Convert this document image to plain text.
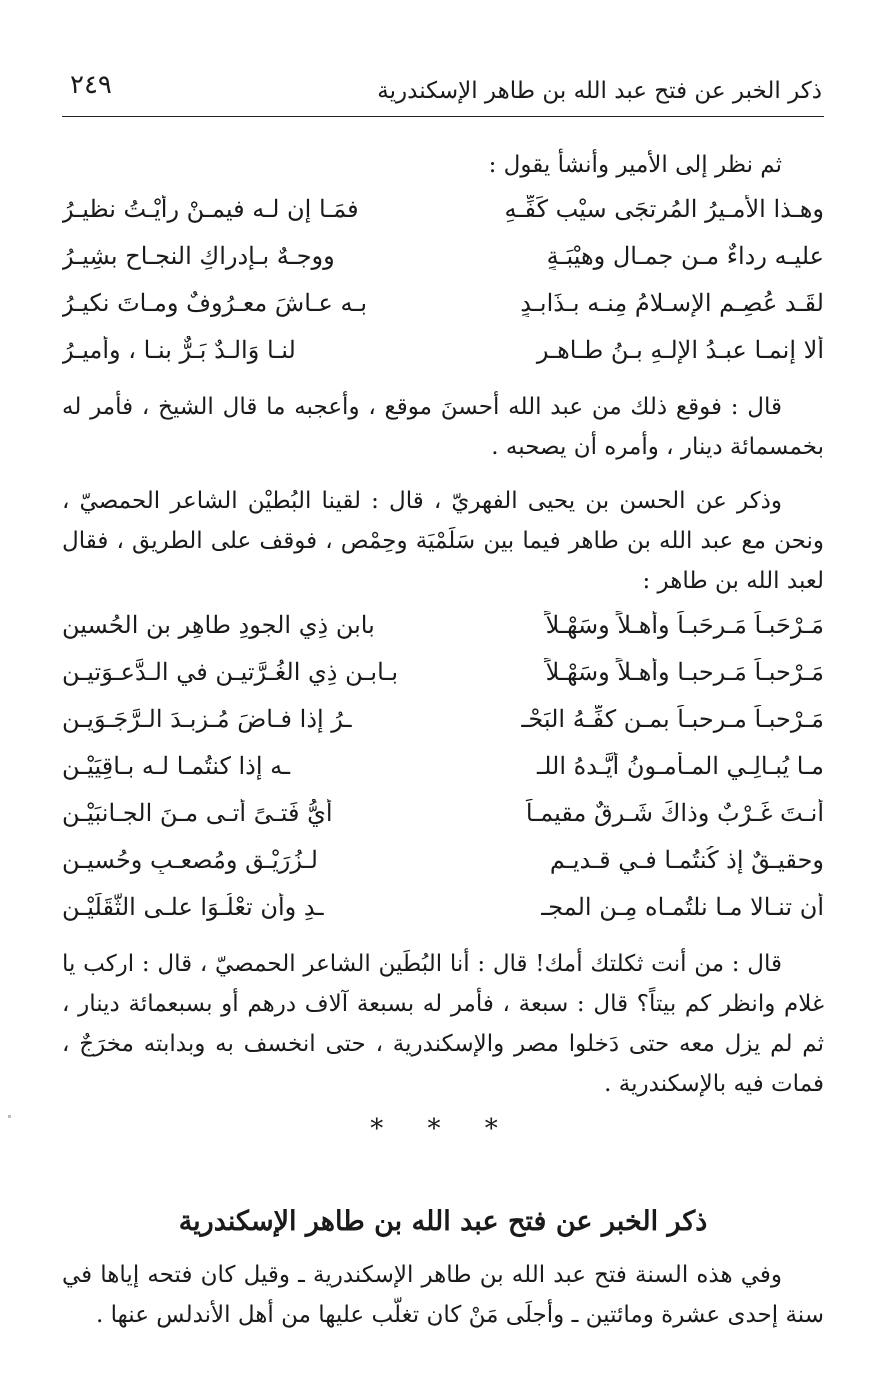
ذكر الخبر عن فتح عبد الله بن طاهر الإسكندرية
٢٤٩

ثم نظر إلى الأمير وأنشأ يقول :

وهـذا الأَمـيرُ المُرتجَى سيْب كَفِّـهِ
فمَـا إن لـه فيمـنْ رأَيْـتُ نظيـرُ
عليـه رِداءٌ مـن جمـالٍ وهيْبَـةٍ
ووجـهٌ بـإدراكِ النجـاحِ بشِيـرُ
لقَـد عُصِـم الإسـلامُ مِنـه بـذَابـدٍ
بـه عـاشَ معـرُوفٌ ومـاتَ نكيـرُ
ألا إنمـا عبـدُ الإلـهِ بـنُ طـاهـرٍ
لنـا وَالـدٌ بَـرٌّ بنـا ، وأَميـرُ

قال : فوقع ذلك من عبد الله أحسنَ موقع ، وأعجبه ما قال الشيخ ، فأمر له بخمسمائة دينار ، وأمره أن يصحبه .

وذكر عن الحسن بن يحيى الفهريّ ، قال : لقينا البُطيْن الشاعر الحمصيّ ، ونحن مع عبد الله بن طاهر فيما بين سَلَمْيَة وحِمْص ، فوقف على الطريق ، فقال لعبد الله بن طاهر :

مَـرْحَبـاً مَـرحَبـاً وأَهـلاً وسَهْـلاً
بابنِ ذِي الجودِ طاهِرِ بن الحُسينِ
مَـرْحبـاً مَـرحبـا وأَهـلاً وسَهْـلاً
بـابـن ذِي الغُـرَّتيـنِ في الـدَّعـوَتيـنِ
مَـرْحبـاً مـرحبـاً بمـن كفِّـهُ البَحْـ
ـرُ إذا فـاضَ مُـزبـدَ الـرَّجَـوَيـن
مـا يُبـالِـي المـأمـونُ أَيَّـدهُ اللـ
ـه إذا كنتُمـا لـه بـاقِيَيْـنِ
أنـتَ غَـرْبٌ وذاكَ شَـرقٌ مقيمـاً
أَيُّ فَتـىً أتـى مـنَ الجـانبَيْـنِ
وحقيـقٌ إذ كُنتُمـا فـي قـديـمِ
لـزُرَيْـقٍ ومُصعـبٍ وحُسيـنِ
أَن تنـالا مـا نلتُمـاه مِـن المجـ
ـدِ وأَن تعْلُـوَا علـى الثَّقَلَيْـنِ

قال : من أنت ثكلتك أمك! قال : أنا البُطَين الشاعر الحمصيّ ، قال : اركب يا غلام وانظر كم بيتاً؟ قال : سبعة ، فأمر له بسبعة آلاف درهم أو بسبعمائة دينار ، ثم لم يزل معه حتى دَخلوا مصر والإسكندرية ، حتى انخسف به وبدابته مخرَجٌ ، فمات فيه بالإسكندرية .

* * *
ذكر الخبر عن فتح عبد الله بن طاهر الإسكندرية

وفي هذه السنة فتح عبد الله بن طاهر الإسكندرية ـ وقيل كان فتحه إياها في سنة إحدى عشرة ومائتين ـ وأجلَى مَنْ كان تغلّب عليها من أهل الأندلس عنها .
